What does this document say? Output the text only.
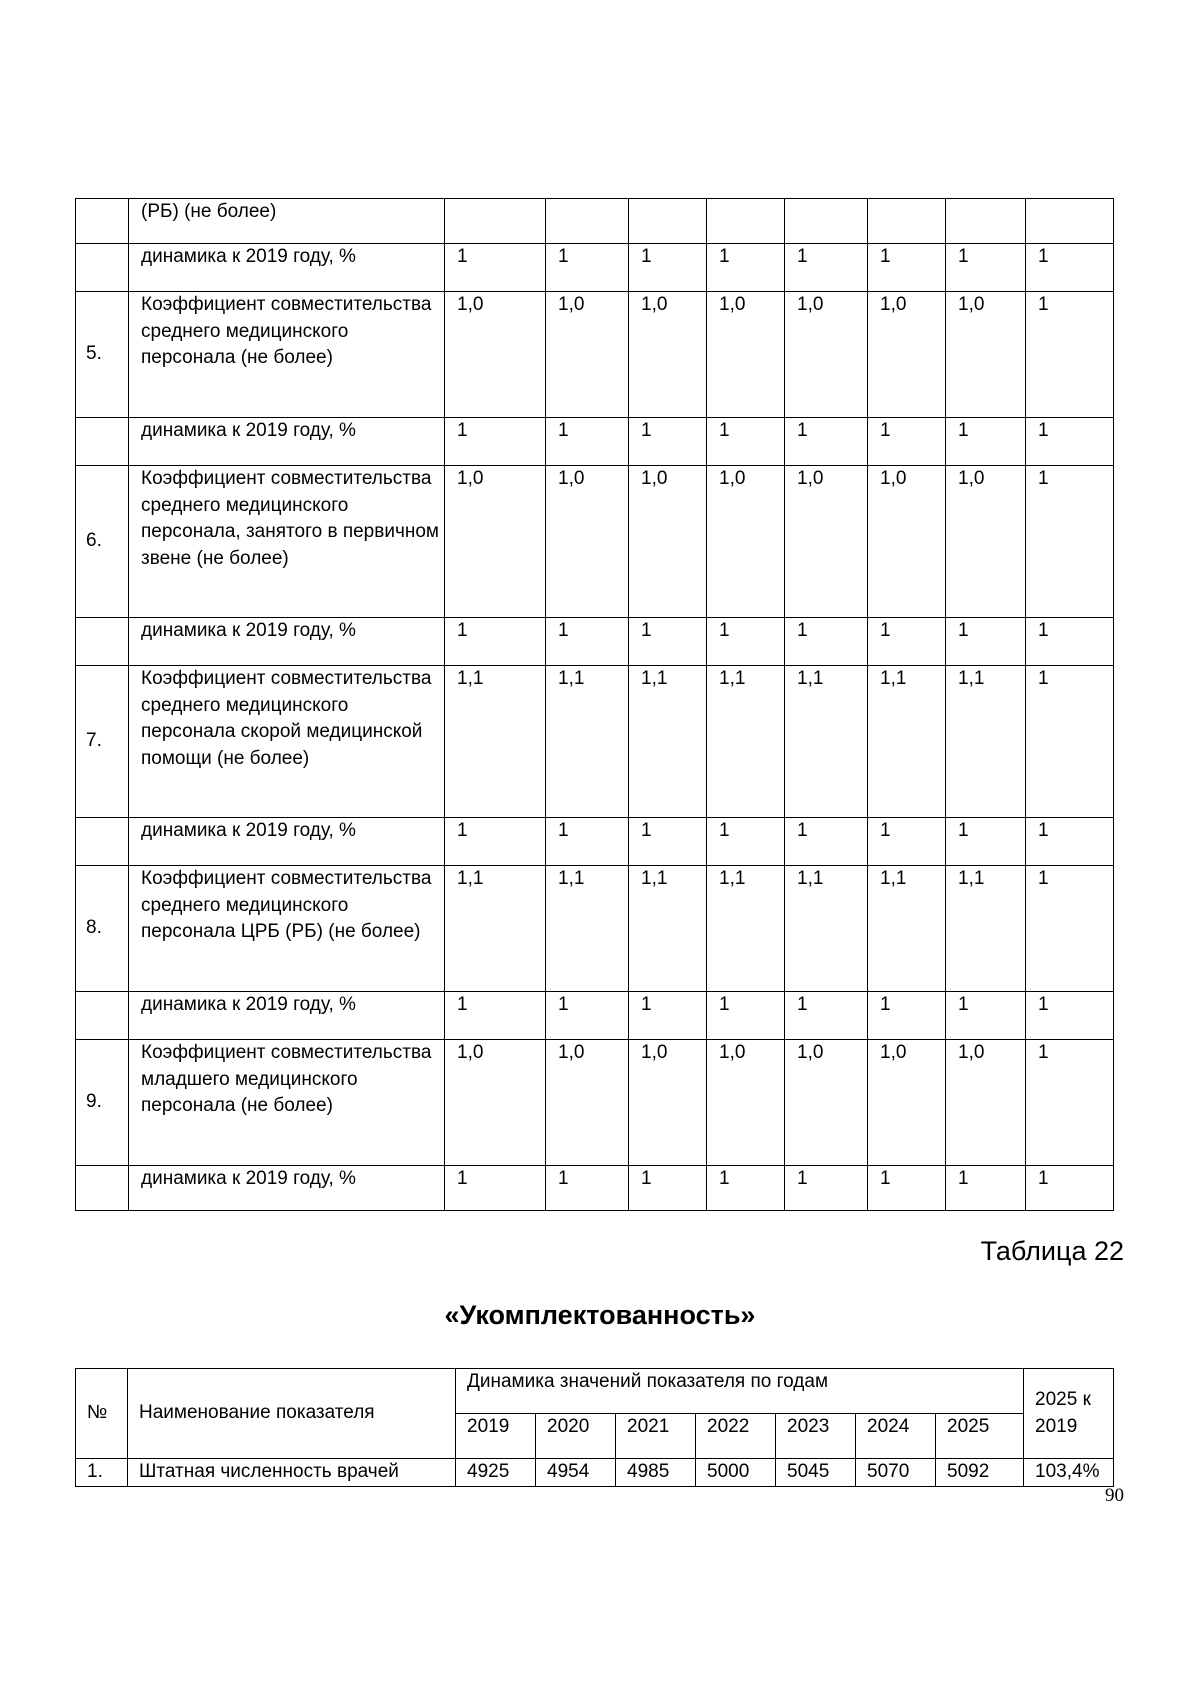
	(РБ) (не более)								
	динамика к 2019 году, %	1	1	1	1	1	1	1	1
5.	Коэффициент совместительства среднего медицинского персонала (не более)	1,0	1,0	1,0	1,0	1,0	1,0	1,0	1
	динамика к 2019 году, %	1	1	1	1	1	1	1	1
6.	Коэффициент совместительства среднего медицинского персонала, занятого в первичном звене (не более)	1,0	1,0	1,0	1,0	1,0	1,0	1,0	1
	динамика к 2019 году, %	1	1	1	1	1	1	1	1
7.	Коэффициент совместительства среднего медицинского персонала скорой медицинской помощи (не более)	1,1	1,1	1,1	1,1	1,1	1,1	1,1	1
	динамика к 2019 году, %	1	1	1	1	1	1	1	1
8.	Коэффициент совместительства среднего медицинского персонала ЦРБ (РБ) (не более)	1,1	1,1	1,1	1,1	1,1	1,1	1,1	1
	динамика к 2019 году, %	1	1	1	1	1	1	1	1
9.	Коэффициент совместительства младшего медицинского персонала (не более)	1,0	1,0	1,0	1,0	1,0	1,0	1,0	1
	динамика к 2019 году, %	1	1	1	1	1	1	1	1
Таблица 22
«Укомплектованность»
№	Наименование показателя	Динамика значений показателя по годам							2025 к 2019
		2019	2020	2021	2022	2023	2024	2025	
1.	Штатная численность врачей	4925	4954	4985	5000	5045	5070	5092	103,4%
90
